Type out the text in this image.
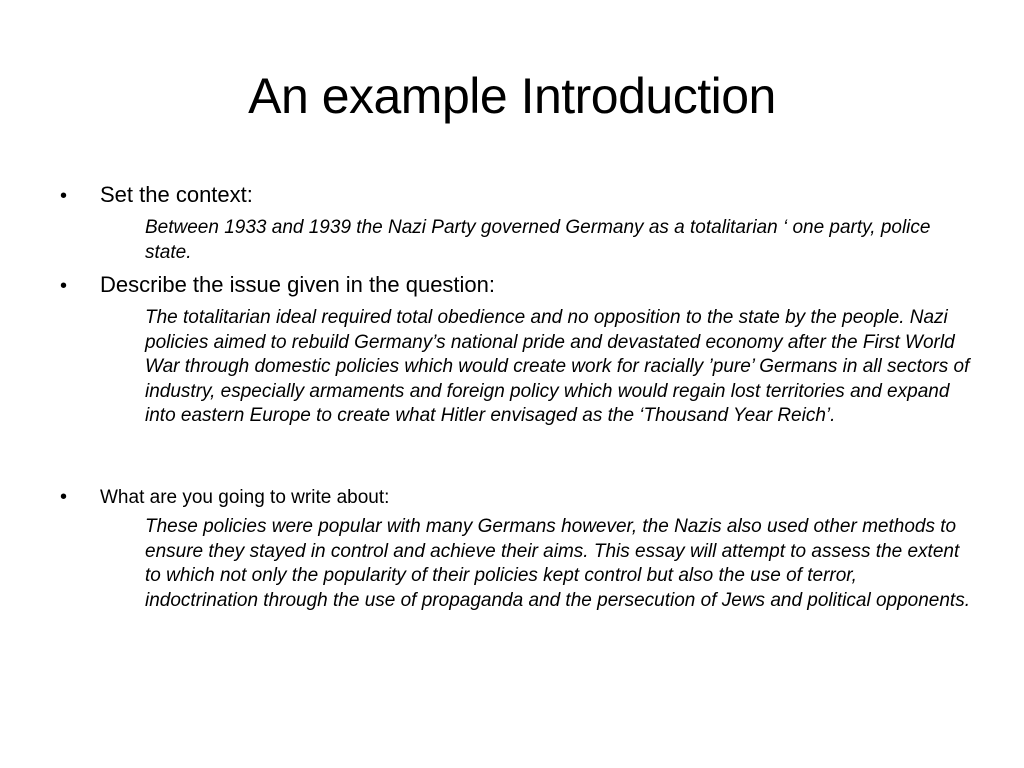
An example Introduction
•	Set the context:

Between 1933 and 1939 the Nazi Party governed Germany as a totalitarian ‘ one party, police state.

•	Describe the issue given in the question:

The totalitarian ideal required total obedience and no opposition to the state by the people. Nazi policies aimed to rebuild Germany’s national pride and devastated economy after the First World War through domestic policies which would create work for racially ’pure’ Germans in all sectors of industry, especially armaments and foreign policy which would regain lost territories and expand into eastern Europe to create what Hitler envisaged as the ‘Thousand Year Reich’.

•	What are you going to write about:

These policies were popular with many Germans however, the Nazis also used other methods to ensure they stayed in control and achieve their aims. This essay will attempt to assess the extent to which not only the popularity of their policies kept control but also the use of terror, indoctrination through the use of propaganda and the persecution of Jews and political opponents.
